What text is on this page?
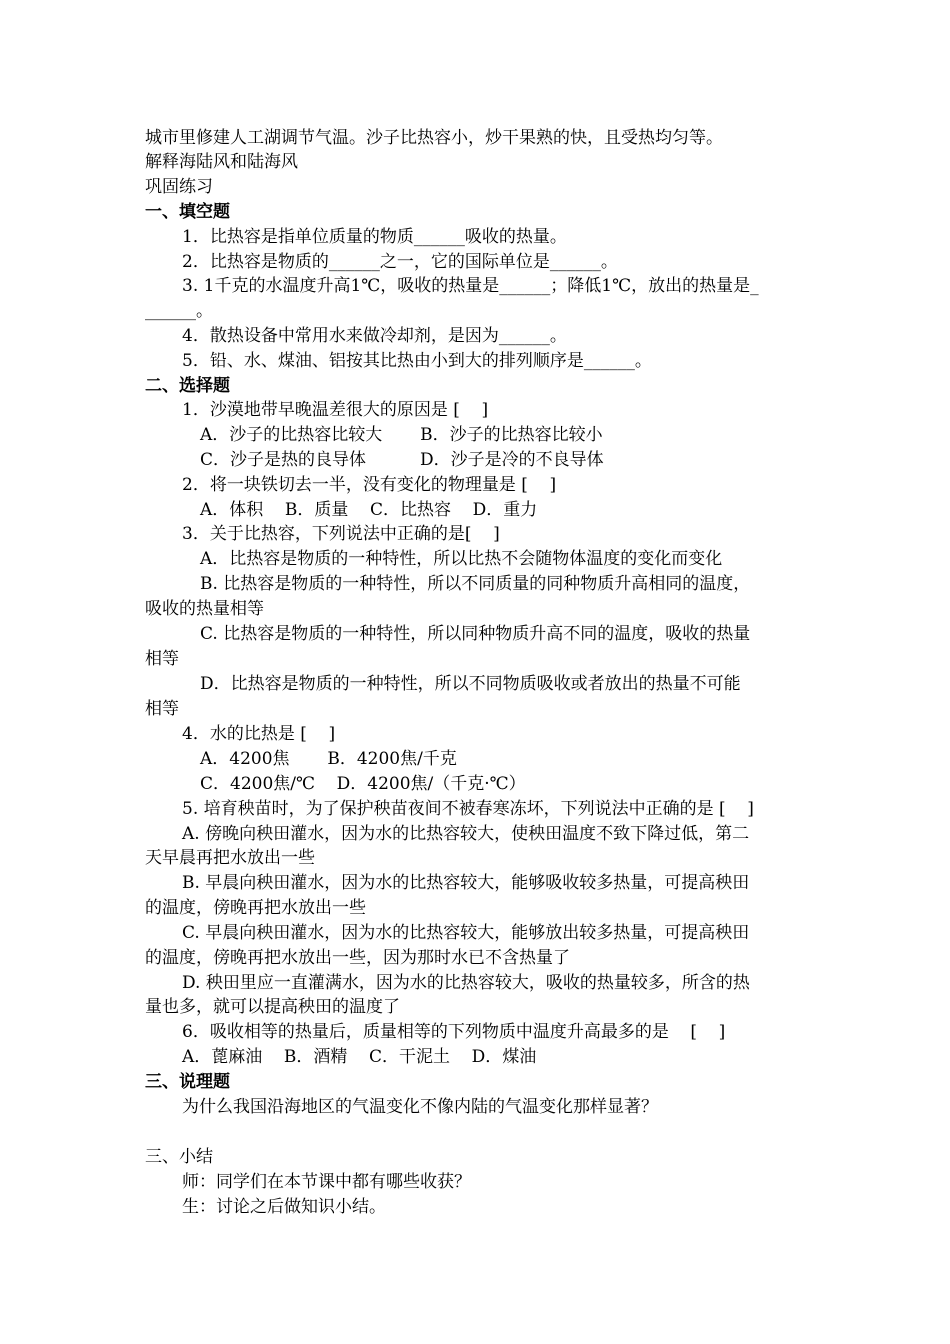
城市里修建人工湖调节气温。沙子比热容小，炒干果熟的快，且受热均匀等。
解释海陆风和陆海风
巩固练习
一、填空题
1．比热容是指单位质量的物质______吸收的热量。
2．比热容是物质的______之一，它的国际单位是______。
3. 1千克的水温度升高1℃，吸收的热量是______；降低1℃，放出的热量是_
______。
4．散热设备中常用水来做冷却剂，是因为______。
5．铅、水、煤油、铝按其比热由小到大的排列顺序是______。
二、选择题
1．沙漠地带早晚温差很大的原因是 [    ]
A．沙子的比热容比较大       B．沙子的比热容比较小
C．沙子是热的良导体          D．沙子是冷的不良导体
2．将一块铁切去一半，没有变化的物理量是 [    ]
A．体积    B．质量    C．比热容    D．重力
3．关于比热容，下列说法中正确的是[    ]
A．比热容是物质的一种特性，所以比热不会随物体温度的变化而变化
B. 比热容是物质的一种特性，所以不同质量的同种物质升高相同的温度，
吸收的热量相等
C. 比热容是物质的一种特性，所以同种物质升高不同的温度，吸收的热量
相等
D．比热容是物质的一种特性，所以不同物质吸收或者放出的热量不可能
相等
4．水的比热是 [    ]
A．4200焦       B．4200焦/千克
C．4200焦/℃    D．4200焦/（千克·℃）
5. 培育秧苗时，为了保护秧苗夜间不被春寒冻坏，下列说法中正确的是 [    ]
A. 傍晚向秧田灌水，因为水的比热容较大，使秧田温度不致下降过低，第二
天早晨再把水放出一些
B. 早晨向秧田灌水，因为水的比热容较大，能够吸收较多热量，可提高秧田
的温度，傍晚再把水放出一些
C. 早晨向秧田灌水，因为水的比热容较大，能够放出较多热量，可提高秧田
的温度，傍晚再把水放出一些，因为那时水已不含热量了
D. 秧田里应一直灌满水，因为水的比热容较大，吸收的热量较多，所含的热
量也多，就可以提高秧田的温度了
6．吸收相等的热量后，质量相等的下列物质中温度升高最多的是    [    ]
A．蓖麻油    B．酒精    C．干泥土    D．煤油
三、说理题
为什么我国沿海地区的气温变化不像内陆的气温变化那样显著？
三、小结
师：同学们在本节课中都有哪些收获？
生：讨论之后做知识小结。
